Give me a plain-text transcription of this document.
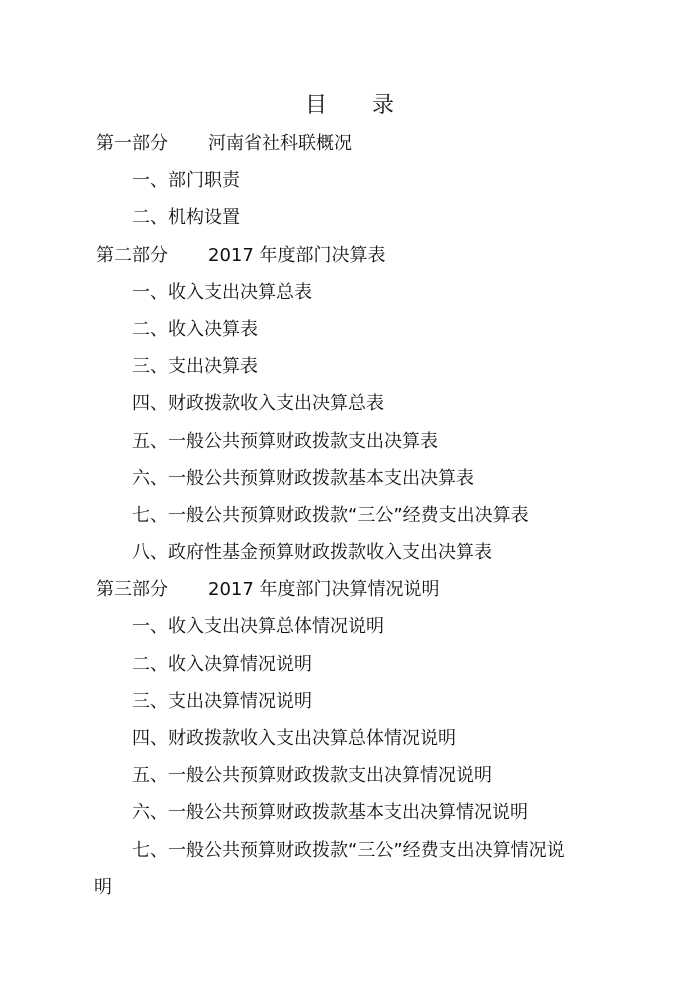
目 录
第一部分 河南省社科联概况
一、部门职责
二、机构设置
第二部分 2017 年度部门决算表
一、收入支出决算总表
二、收入决算表
三、支出决算表
四、财政拨款收入支出决算总表
五、一般公共预算财政拨款支出决算表
六、一般公共预算财政拨款基本支出决算表
七、一般公共预算财政拨款“三公”经费支出决算表
八、政府性基金预算财政拨款收入支出决算表
第三部分 2017 年度部门决算情况说明
一、收入支出决算总体情况说明
二、收入决算情况说明
三、支出决算情况说明
四、财政拨款收入支出决算总体情况说明
五、一般公共预算财政拨款支出决算情况说明
六、一般公共预算财政拨款基本支出决算情况说明
七、一般公共预算财政拨款“三公”经费支出决算情况说
明
